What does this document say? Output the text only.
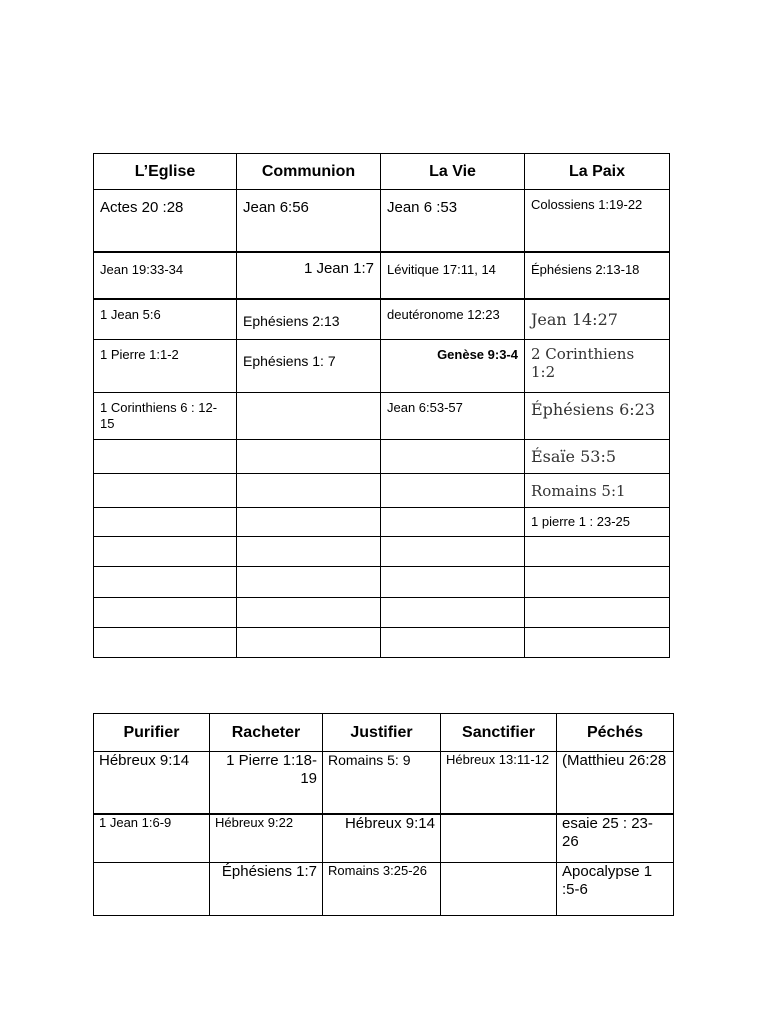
L’Eglise	Communion	La Vie	La Paix
Actes 20 :28	Jean 6:56	Jean 6 :53	Colossiens 1:19-22
Jean 19:33-34	1 Jean 1:7	Lévitique 17:11, 14	Éphésiens 2:13-18
1 Jean 5:6	Ephésiens 2:13	deutéronome 12:23	Jean 14:27
1 Pierre 1:1-2	Ephésiens 1: 7	Genèse 9:3-4	2 Corinthiens 1:2
1 Corinthiens 6 : 12-15		Jean 6:53-57	Éphésiens 6:23
			Ésaïe 53:5
			Romains 5:1
			1 pierre 1 : 23-25

Purifier	Racheter	Justifier	Sanctifier	Péchés
Hébreux 9:14	1 Pierre 1:18-19	Romains 5: 9	Hébreux 13:11-12	(Matthieu 26:28
1 Jean 1:6-9	Hébreux 9:22	Hébreux 9:14		esaie 25 : 23-26
	Éphésiens 1:7	Romains 3:25-26		Apocalypse 1 :5-6
